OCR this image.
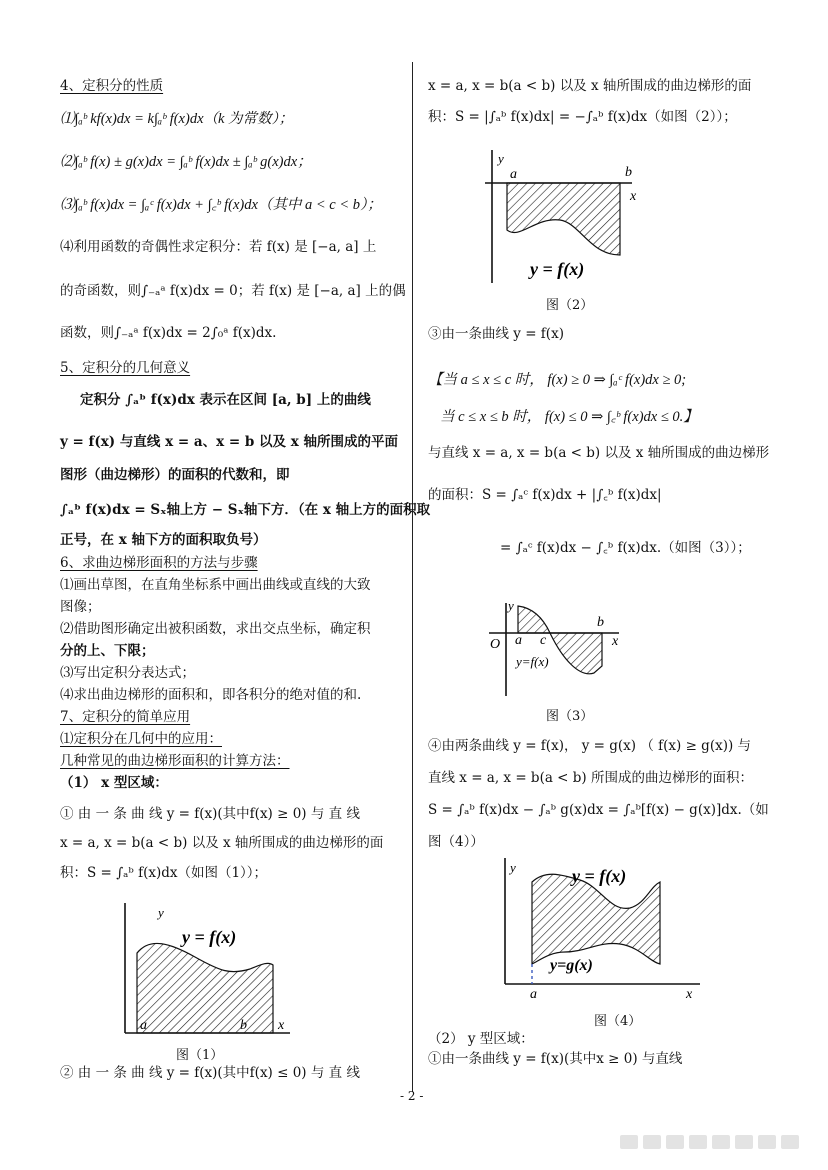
4、定积分的性质
⑴∫ₐᵇ kf(x)dx = k∫ₐᵇ f(x)dx（k 为常数）；
⑵∫ₐᵇ f(x) ± g(x)dx = ∫ₐᵇ f(x)dx ± ∫ₐᵇ g(x)dx；
⑶∫ₐᵇ f(x)dx = ∫ₐᶜ f(x)dx + ∫꜀ᵇ f(x)dx（其中 a < c < b）；
⑷利用函数的奇偶性求定积分：若 f(x) 是 [−a, a] 上
的奇函数，则∫₋ₐᵃ f(x)dx = 0；若 f(x) 是 [−a, a] 上的偶
函数，则∫₋ₐᵃ f(x)dx = 2∫₀ᵃ f(x)dx.
5、定积分的几何意义
定积分 ∫ₐᵇ f(x)dx 表示在区间 [a, b] 上的曲线
y = f(x) 与直线 x = a、x = b 以及 x 轴所围成的平面
图形（曲边梯形）的面积的代数和，即
∫ₐᵇ f(x)dx = Sₓ轴上方 − Sₓ轴下方．（在 x 轴上方的面积取
正号，在 x 轴下方的面积取负号）
6、求曲边梯形面积的方法与步骤
⑴画出草图，在直角坐标系中画出曲线或直线的大致
图像；
⑵借助图形确定出被积函数，求出交点坐标，确定积
分的上、下限；
⑶写出定积分表达式；
⑷求出曲边梯形的面积和，即各积分的绝对值的和.
7、定积分的简单应用
⑴定积分在几何中的应用：
几种常见的曲边梯形面积的计算方法：
（1） x 型区域：
① 由 一 条 曲 线 y = f(x)(其中f(x) ≥ 0) 与 直 线
x = a, x = b(a < b) 以及 x 轴所围成的曲边梯形的面
积：S = ∫ₐᵇ f(x)dx（如图（1））；
y
y = f(x)
a	b x
图（1）
② 由 一 条 曲 线 y = f(x)(其中f(x) ≤ 0) 与 直 线
x = a, x = b(a < b) 以及 x 轴所围成的曲边梯形的面
积：S = |∫ₐᵇ f(x)dx| = −∫ₐᵇ f(x)dx（如图（2））；
y
a	b
x
y = f(x)
图（2）
③由一条曲线 y = f(x)
【当 a ≤ x ≤ c 时， f(x) ≥ 0 ⇒ ∫ₐᶜ f(x)dx ≥ 0;
当 c ≤ x ≤ b 时， f(x) ≤ 0 ⇒ ∫꜀ᵇ f(x)dx ≤ 0.】
与直线 x = a, x = b(a < b) 以及 x 轴所围成的曲边梯形
的面积：S = ∫ₐᶜ f(x)dx + |∫꜀ᵇ f(x)dx|
= ∫ₐᶜ f(x)dx − ∫꜀ᵇ f(x)dx.（如图（3））；
y
O a c
b
x
y=f(x)
图（3）
④由两条曲线 y = f(x)， y = g(x) （ f(x) ≥ g(x)) 与
直线 x = a, x = b(a < b) 所围成的曲边梯形的面积：
S = ∫ₐᵇ f(x)dx − ∫ₐᵇ g(x)dx = ∫ₐᵇ[f(x) − g(x)]dx.（如
图（4））
y	y = f(x)
y=g(x)
a	x
图（4）
（2） y 型区域：
①由一条曲线 y = f(x)(其中x ≥ 0) 与直线
- 2 -
